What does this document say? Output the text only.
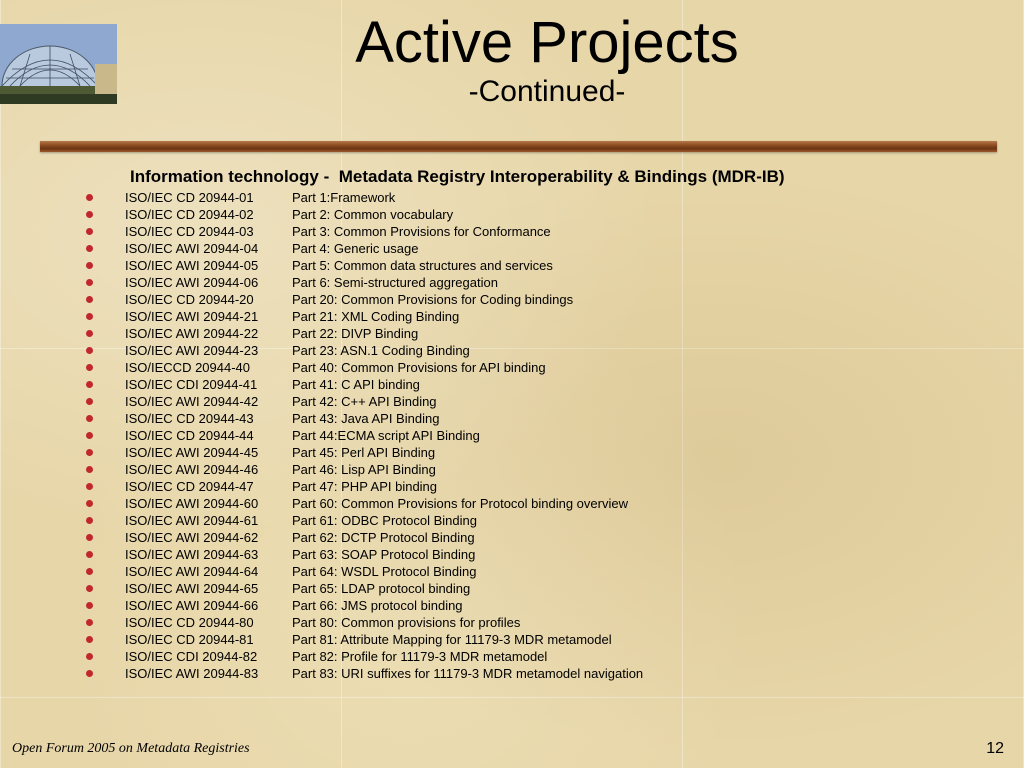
Active Projects
-Continued-
Information technology -  Metadata Registry Interoperability & Bindings (MDR-IB)
ISO/IEC CD 20944-01	Part 1:Framework
ISO/IEC CD 20944-02	Part 2: Common vocabulary
ISO/IEC CD 20944-03	Part 3: Common Provisions for Conformance
ISO/IEC AWI 20944-04	Part 4: Generic usage
ISO/IEC AWI 20944-05	Part 5: Common data structures and services
ISO/IEC AWI 20944-06	Part 6: Semi-structured aggregation
ISO/IEC CD 20944-20	Part 20: Common Provisions for Coding bindings
ISO/IEC AWI 20944-21	Part 21: XML Coding Binding
ISO/IEC AWI 20944-22	Part 22: DIVP Binding
ISO/IEC AWI 20944-23	Part 23: ASN.1 Coding Binding
ISO/IECCD 20944-40	Part 40: Common Provisions for API binding
ISO/IEC CDI 20944-41	Part 41: C API binding
ISO/IEC AWI 20944-42	Part 42: C++ API Binding
ISO/IEC CD 20944-43	Part 43: Java API Binding
ISO/IEC CD 20944-44	Part 44:ECMA script API Binding
ISO/IEC AWI 20944-45	Part 45: Perl API Binding
ISO/IEC AWI 20944-46	Part 46: Lisp API Binding
ISO/IEC CD 20944-47	Part 47: PHP API binding
ISO/IEC AWI 20944-60	Part 60: Common Provisions for Protocol binding overview
ISO/IEC AWI 20944-61	Part 61: ODBC Protocol Binding
ISO/IEC AWI 20944-62	Part 62: DCTP Protocol Binding
ISO/IEC AWI 20944-63	Part 63: SOAP Protocol Binding
ISO/IEC AWI 20944-64	Part 64: WSDL Protocol Binding
ISO/IEC AWI 20944-65	Part 65: LDAP protocol binding
ISO/IEC AWI 20944-66	Part 66: JMS protocol binding
ISO/IEC CD 20944-80	Part 80: Common provisions for profiles
ISO/IEC CD 20944-81	Part 81: Attribute Mapping for 11179-3 MDR metamodel
ISO/IEC CDI 20944-82	Part 82: Profile for 11179-3 MDR metamodel
ISO/IEC AWI 20944-83	Part 83: URI suffixes for 11179-3 MDR metamodel navigation
Open Forum 2005 on Metadata Registries	12
